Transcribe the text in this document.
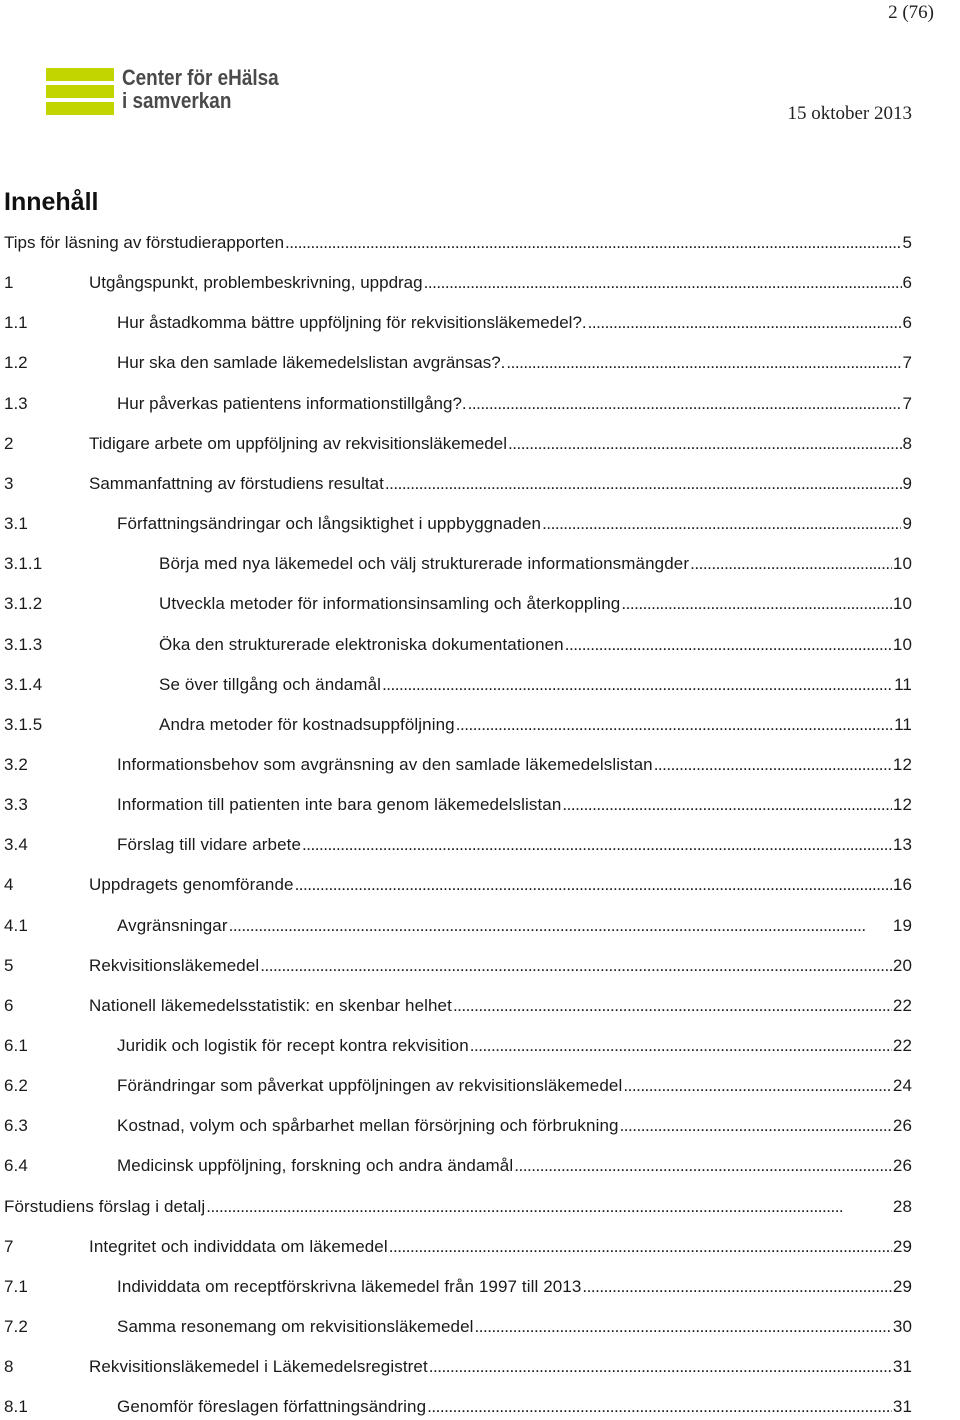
2 (76)
Center för eHälsa
i samverkan
15 oktober 2013
Innehåll
Tips för läsning av förstudierapporten . . .	5
1	Utgångspunkt, problembeskrivning, uppdrag . . .	6
1.1	Hur åstadkomma bättre uppföljning för rekvisitionsläkemedel?. . . .	6
1.2	Hur ska den samlade läkemedelslistan avgränsas?. . . .	7
1.3	Hur påverkas patientens informationstillgång?. . . .	7
2	Tidigare arbete om uppföljning av rekvisitionsläkemedel . . .	8
3	Sammanfattning av förstudiens resultat . . .	9
3.1	Författningsändringar och långsiktighet i uppbyggnaden . . .	9
3.1.1	Börja med nya läkemedel och välj strukturerade informationsmängder . . .	10
3.1.2	Utveckla metoder för informationsinsamling och återkoppling . . .	10
3.1.3	Öka den strukturerade elektroniska dokumentationen . . .	10
3.1.4	Se över tillgång och ändamål . . .	11
3.1.5	Andra metoder för kostnadsuppföljning . . .	11
3.2	Informationsbehov som avgränsning av den samlade läkemedelslistan . . .	12
3.3	Information till patienten inte bara genom läkemedelslistan . . .	12
3.4	Förslag till vidare arbete . . .	13
4	Uppdragets genomförande . . .	16
4.1	Avgränsningar . . .	19
5	Rekvisitionsläkemedel . . .	20
6	Nationell läkemedelsstatistik: en skenbar helhet . . .	22
6.1	Juridik och logistik för recept kontra rekvisition . . .	22
6.2	Förändringar som påverkat uppföljningen av rekvisitionsläkemedel . . .	24
6.3	Kostnad, volym och spårbarhet mellan försörjning och förbrukning . . .	26
6.4	Medicinsk uppföljning, forskning och andra ändamål . . .	26
Förstudiens förslag i detalj . . .	28
7	Integritet och individdata om läkemedel . . .	29
7.1	Individdata om receptförskrivna läkemedel från 1997 till 2013 . . .	29
7.2	Samma resonemang om rekvisitionsläkemedel . . .	30
8	Rekvisitionsläkemedel i Läkemedelsregistret . . .	31
8.1	Genomför föreslagen författningsändring . . .	31
